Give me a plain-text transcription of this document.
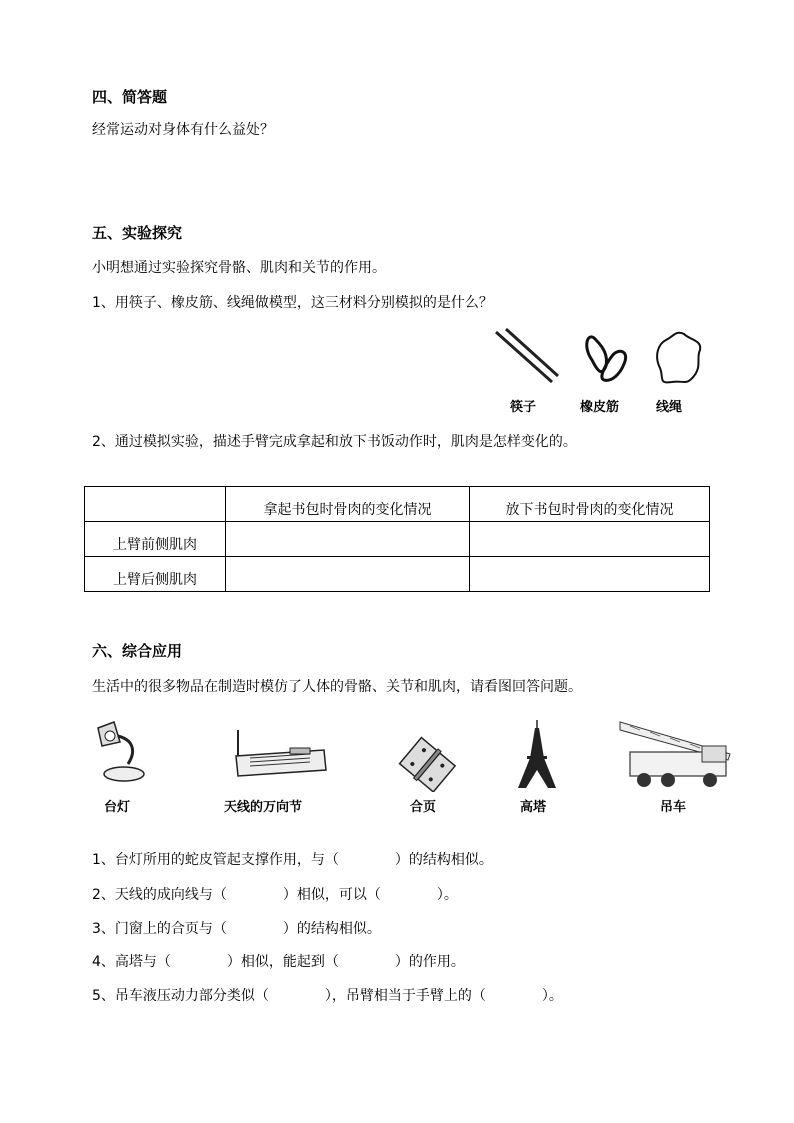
四、简答题
经常运动对身体有什么益处？
五、实验探究
小明想通过实验探究骨骼、肌肉和关节的作用。
1、用筷子、橡皮筋、线绳做模型，这三材料分别模拟的是什么？
筷子	橡皮筋	线绳
2、通过模拟实验，描述手臂完成拿起和放下书饭动作时，肌肉是怎样变化的。
	拿起书包时骨肉的变化情况	放下书包时骨肉的变化情况
上臂前侧肌肉		
上臂后侧肌肉		
六、综合应用
生活中的很多物品在制造时模仿了人体的骨骼、关节和肌肉，请看图回答问题。
台灯	天线的万向节	合页	高塔	吊车
1、台灯所用的蛇皮管起支撑作用，与（　　　　）的结构相似。
2、天线的成向线与（　　　　）相似，可以（　　　　）。
3、门窗上的合页与（　　　　）的结构相似。
4、高塔与（　　　　）相似，能起到（　　　　）的作用。
5、吊车液压动力部分类似（　　　　），吊臂相当于手臂上的（　　　　）。
